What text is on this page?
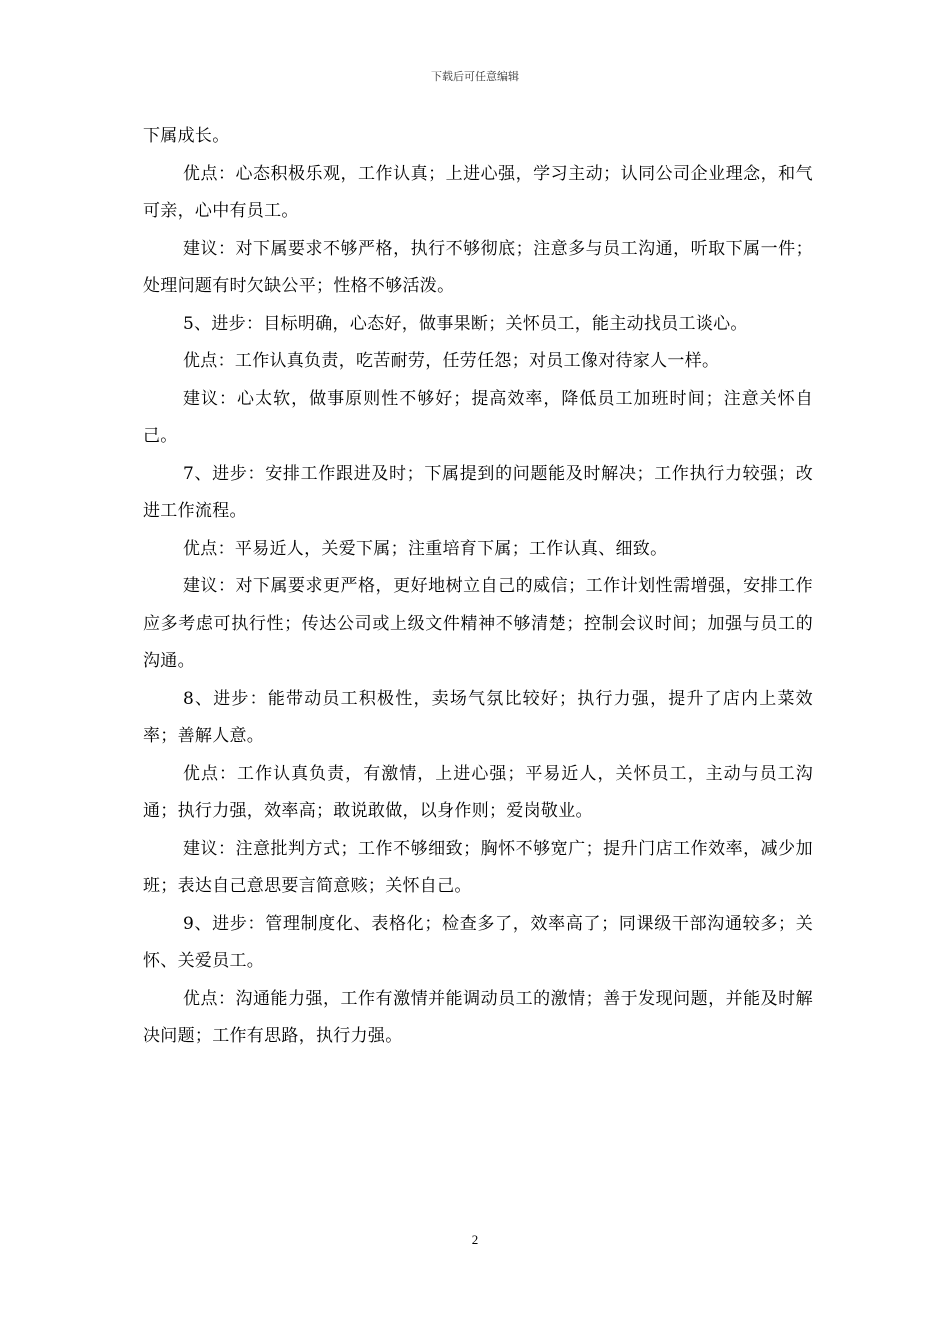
下载后可任意编辑

下属成长。

优点：心态积极乐观，工作认真；上进心强，学习主动；认同公司企业理念，和气可亲，心中有员工。

建议：对下属要求不够严格，执行不够彻底；注意多与员工沟通，听取下属一件；处理问题有时欠缺公平；性格不够活泼。

5、进步：目标明确，心态好，做事果断；关怀员工，能主动找员工谈心。

优点：工作认真负责，吃苦耐劳，任劳任怨；对员工像对待家人一样。

建议：心太软，做事原则性不够好；提高效率，降低员工加班时间；注意关怀自己。

7、进步：安排工作跟进及时；下属提到的问题能及时解决；工作执行力较强；改进工作流程。

优点：平易近人，关爱下属；注重培育下属；工作认真、细致。

建议：对下属要求更严格，更好地树立自己的威信；工作计划性需增强，安排工作应多考虑可执行性；传达公司或上级文件精神不够清楚；控制会议时间；加强与员工的沟通。

8、进步：能带动员工积极性，卖场气氛比较好；执行力强，提升了店内上菜效率；善解人意。

优点：工作认真负责，有激情，上进心强；平易近人，关怀员工，主动与员工沟通；执行力强，效率高；敢说敢做，以身作则；爱岗敬业。

建议：注意批判方式；工作不够细致；胸怀不够宽广；提升门店工作效率，减少加班；表达自己意思要言简意赅；关怀自己。

9、进步：管理制度化、表格化；检查多了，效率高了；同课级干部沟通较多；关怀、关爱员工。

优点：沟通能力强，工作有激情并能调动员工的激情；善于发现问题，并能及时解决问题；工作有思路，执行力强。

2
